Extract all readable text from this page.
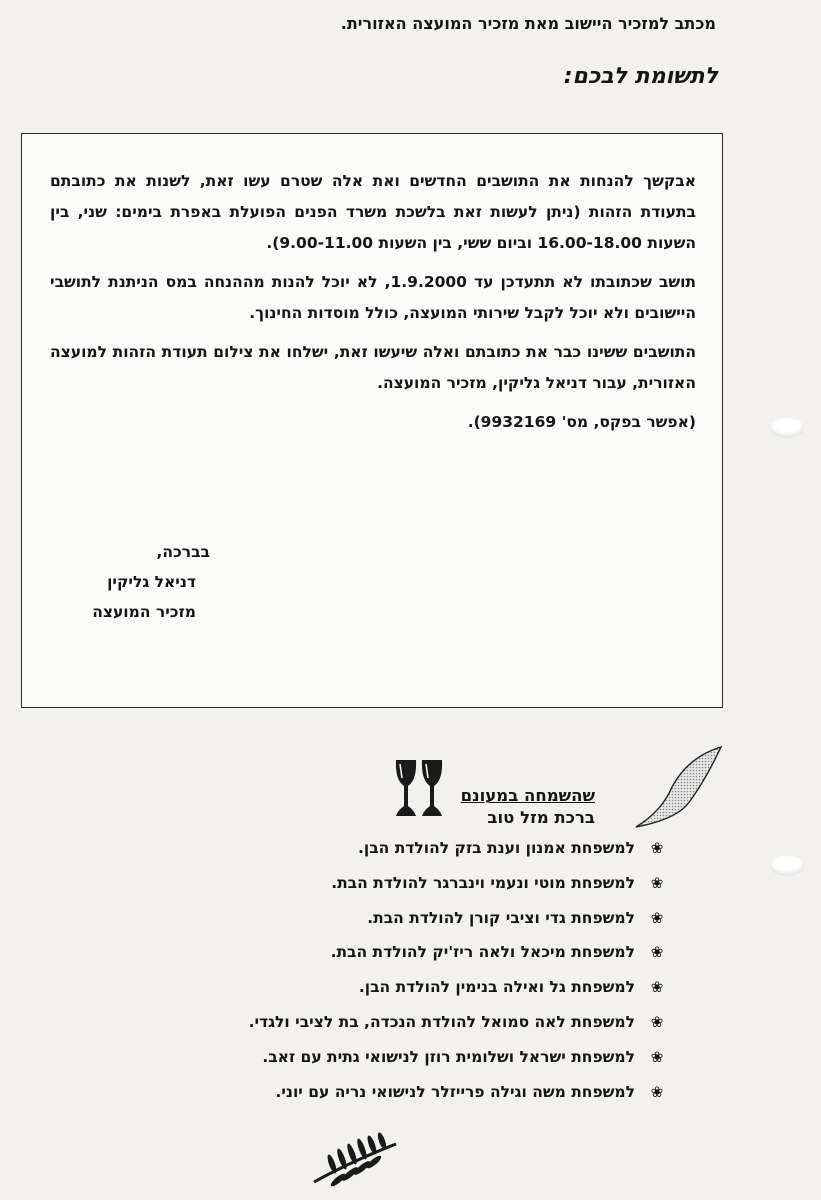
מכתב למזכיר היישוב מאת מזכיר המועצה האזורית.
לתשומת לבכם:

אבקשך להנחות את התושבים החדשים ואת אלה שטרם עשו זאת, לשנות את כתובתם בתעודת הזהות (ניתן לעשות זאת בלשכת משרד הפנים הפועלת באפרת בימים: שני, בין השעות 16.00-18.00 וביום ששי, בין השעות 9.00-11.00).

תושב שכתובתו לא תתעדכן עד 1.9.2000, לא יוכל להנות מההנחה במס הניתנת לתושבי היישובים ולא יוכל לקבל שירותי המועצה, כולל מוסדות החינוך.

התושבים ששינו כבר את כתובתם ואלה שיעשו זאת, ישלחו את צילום תעודת הזהות למועצה האזורית, עבור דניאל גליקין, מזכיר המועצה.

(אפשר בפקס, מס' 9932169).

בברכה,
דניאל גליקין
מזכיר המועצה
שהשמחה במעונם
ברכת מזל טוב
❀
למשפחת אמנון וענת בזק להולדת הבן.
❀
למשפחת מוטי ונעמי וינברגר להולדת הבת.
❀
למשפחת גדי וציבי קורן להולדת הבת.
❀
למשפחת מיכאל ולאה ריז'יק להולדת הבת.
❀
למשפחת גל ואילה בנימין להולדת הבן.
❀
למשפחת לאה סמואל להולדת הנכדה, בת לציבי ולגדי.
❀
למשפחת ישראל ושלומית רוזן לנישואי גתית עם זאב.
❀
למשפחת משה וגילה פרייזלר לנישואי נריה עם יוני.
